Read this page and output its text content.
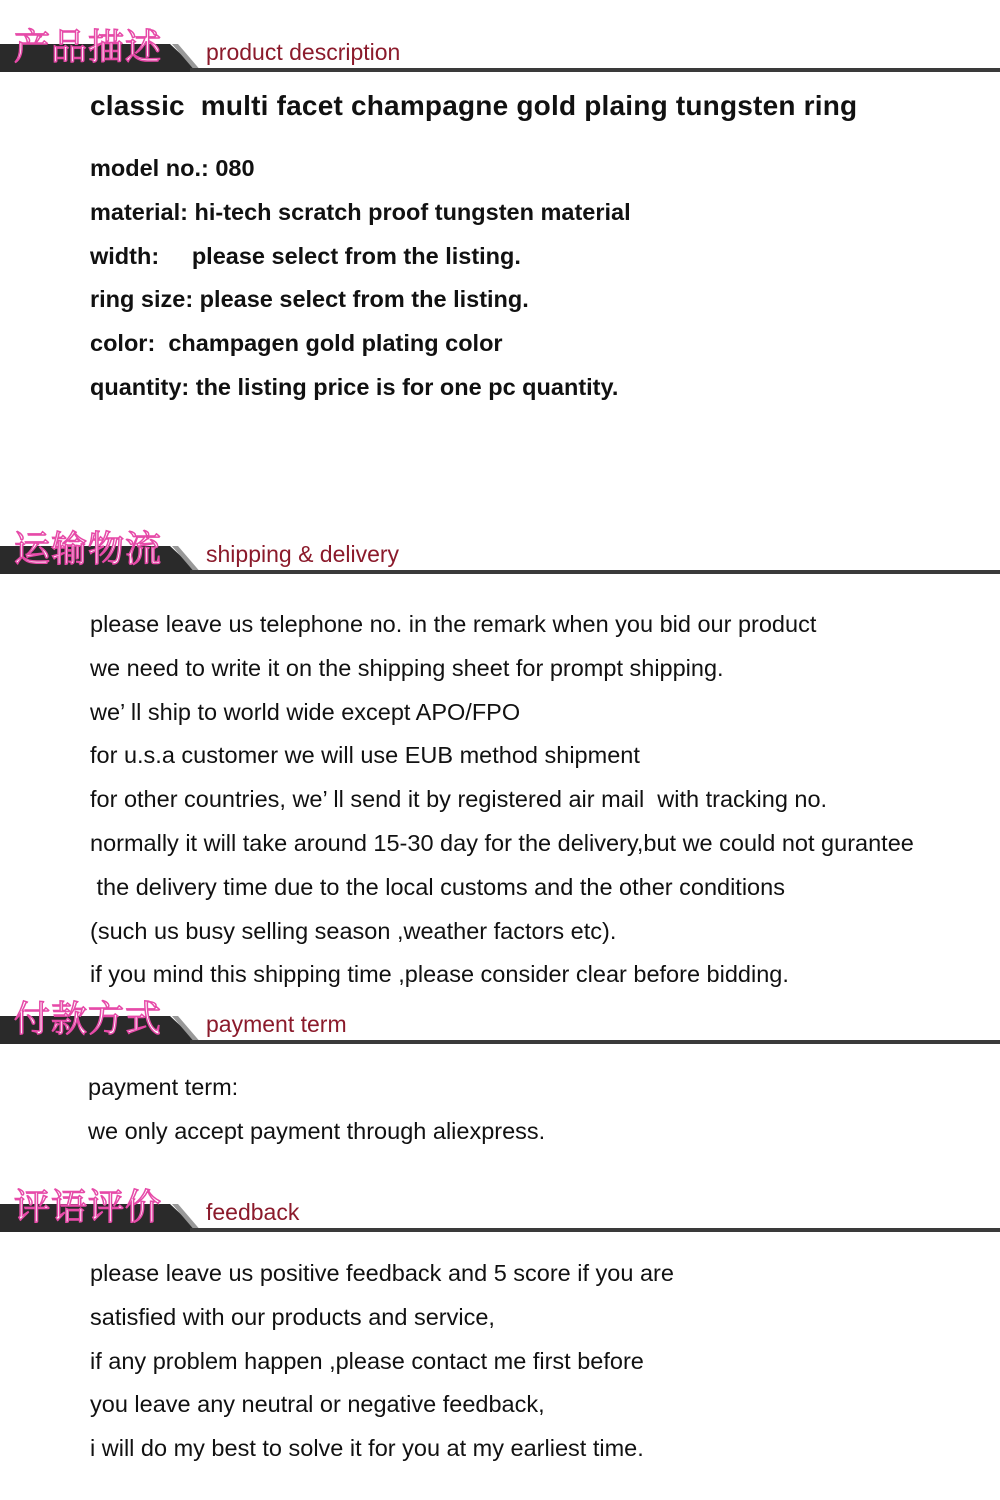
产品描述 product description
classic  multi facet champagne gold plaing tungsten ring
model no.: 080
material: hi-tech scratch proof tungsten material
width:     please select from the listing.
ring size: please select from the listing.
color:  champagen gold plating color
quantity: the listing price is for one pc quantity.
运输物流 shipping & delivery
please leave us telephone no. in the remark when you bid our product
we need to write it on the shipping sheet for prompt shipping.
we’ ll ship to world wide except APO/FPO
for u.s.a customer we will use EUB method shipment
for other countries, we’ ll send it by registered air mail  with tracking no.
normally it will take around 15-30 day for the delivery,but we could not gurantee
the delivery time due to the local customs and the other conditions
(such us busy selling season ,weather factors etc).
if you mind this shipping time ,please consider clear before bidding.
付款方式 payment term
payment term:
we only accept payment through aliexpress.
评语评价 feedback
please leave us positive feedback and 5 score if you are
satisfied with our products and service,
if any problem happen ,please contact me first before
you leave any neutral or negative feedback,
i will do my best to solve it for you at my earliest time.
